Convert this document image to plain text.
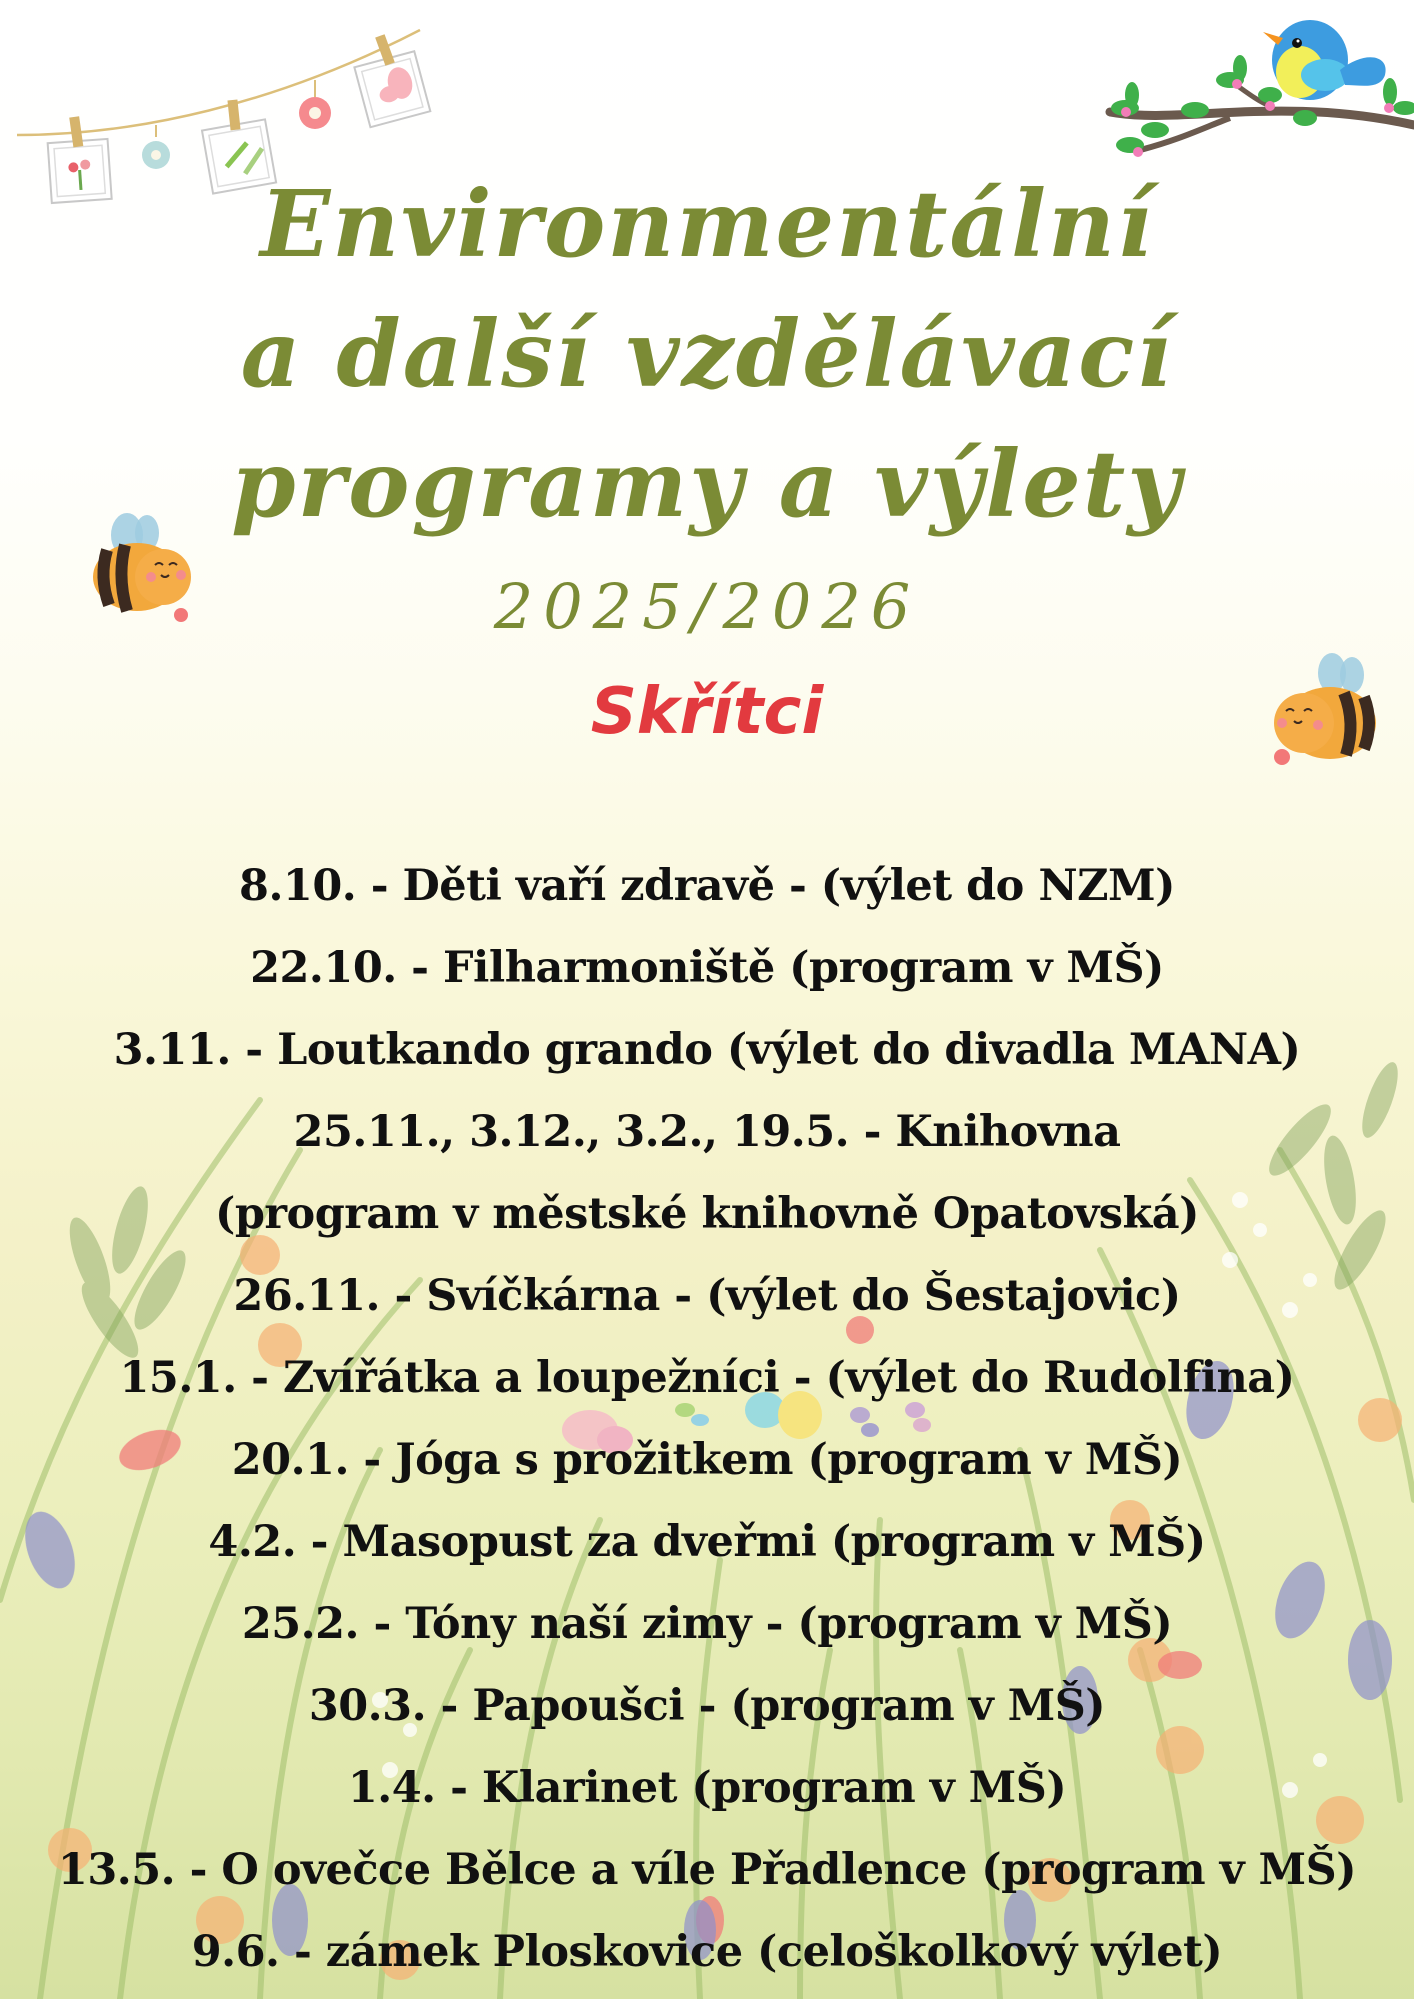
Environmentální
a další vzdělávací
programy a výlety
2025/2026
Skřítci
8.10. - Děti vaří zdravě - (výlet do NZM)
22.10. - Filharmoniště (program v MŠ)
3.11. - Loutkando grando (výlet do divadla MANA)
25.11., 3.12., 3.2., 19.5. - Knihovna
(program v městské knihovně Opatovská)
26.11. - Svíčkárna - (výlet do Šestajovic)
15.1. - Zvířátka a loupežníci - (výlet do Rudolfina)
20.1. - Jóga s prožitkem (program v MŠ)
4.2. - Masopust za dveřmi (program v MŠ)
25.2. - Tóny naší zimy - (program v MŠ)
30.3. - Papoušci - (program v MŠ)
1.4. - Klarinet (program v MŠ)
13.5. - O ovečce Bělce a víle Přadlence (program v MŠ)
9.6. - zámek Ploskovice (celoškolkový výlet)
